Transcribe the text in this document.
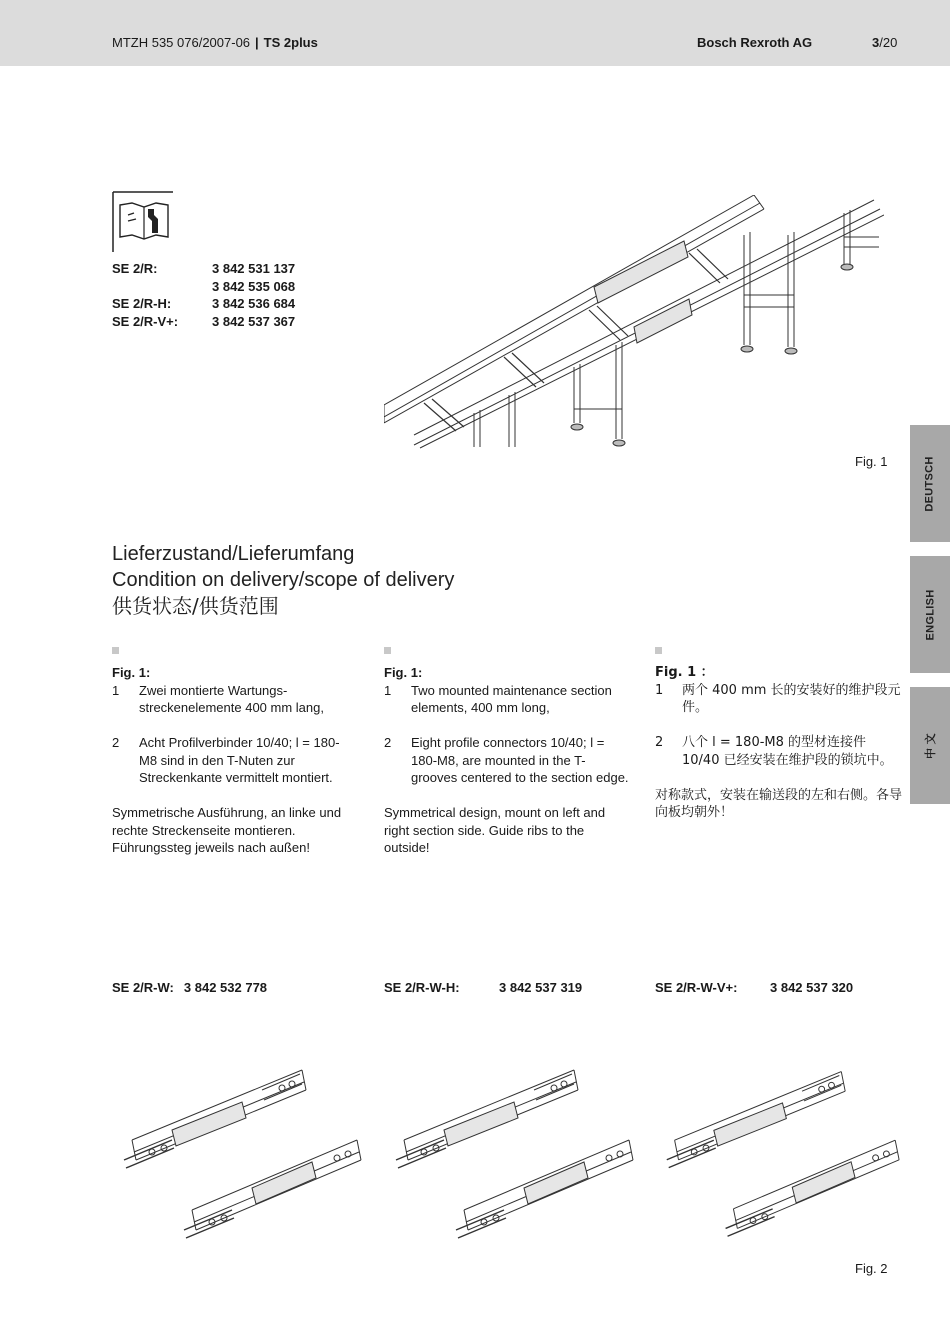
MTZH 535 076/2007-06 | TS 2plus	Bosch Rexroth AG	3/20
DEUTSCH
ENGLISH
中 文
SE 2/R:	3 842 531 137
3 842 535 068
SE 2/R-H:	3 842 536 684
SE 2/R-V+:	3 842 537 367
Fig. 1
Lieferzustand/Lieferumfang
Condition on delivery/scope of delivery
供货状态/供货范围
Fig. 1:
1	Zwei montierte Wartungs-streckenelemente 400 mm lang,
2	Acht Profilverbinder 10/40; l = 180-M8 sind in den T-Nuten zur Streckenkante vermittelt montiert.
Symmetrische Ausführung, an linke und rechte Streckenseite montieren. Führungssteg jeweils nach außen!
Fig. 1:
1	Two mounted maintenance section elements, 400 mm long,
2	Eight profile connectors 10/40; l = 180-M8, are mounted in the T-grooves centered to the section edge.
Symmetrical design, mount on left and right section side. Guide ribs to the outside!
Fig. 1 ：
1	两个 400 mm 长的安装好的维护段元件。
2	八个 l = 180-M8 的型材连接件 10/40 已经安装在维护段的锁坑中。
对称款式，安装在输送段的左和右侧。各导向板均朝外！
SE 2/R-W: 3 842 532 778	SE 2/R-W-H:	3 842 537 319	SE 2/R-W-V+:	3 842 537 320
Fig. 2
